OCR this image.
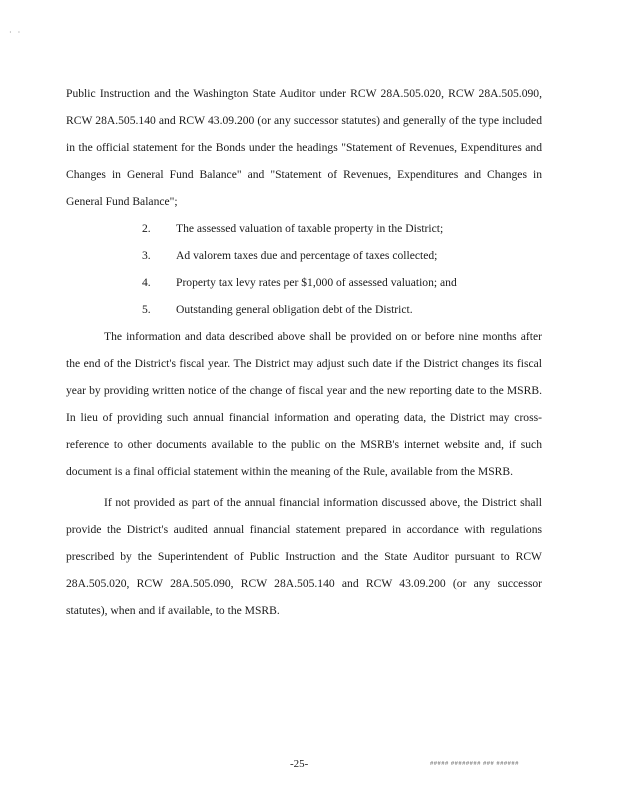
· ·

Public Instruction and the Washington State Auditor under RCW 28A.505.020, RCW 28A.505.090, RCW 28A.505.140 and RCW 43.09.200 (or any successor statutes) and generally of the type included in the official statement for the Bonds under the headings "Statement of Revenues, Expenditures and Changes in General Fund Balance" and "Statement of Revenues, Expenditures and Changes in General Fund Balance";

2. The assessed valuation of taxable property in the District;
3. Ad valorem taxes due and percentage of taxes collected;
4. Property tax levy rates per $1,000 of assessed valuation; and
5. Outstanding general obligation debt of the District.

The information and data described above shall be provided on or before nine months after the end of the District's fiscal year. The District may adjust such date if the District changes its fiscal year by providing written notice of the change of fiscal year and the new reporting date to the MSRB. In lieu of providing such annual financial information and operating data, the District may cross-reference to other documents available to the public on the MSRB's internet website and, if such document is a final official statement within the meaning of the Rule, available from the MSRB.

If not provided as part of the annual financial information discussed above, the District shall provide the District's audited annual financial statement prepared in accordance with regulations prescribed by the Superintendent of Public Instruction and the State Auditor pursuant to RCW 28A.505.020, RCW 28A.505.090, RCW 28A.505.140 and RCW 43.09.200 (or any successor statutes), when and if available, to the MSRB.

-25-	##### ######## ### ######
